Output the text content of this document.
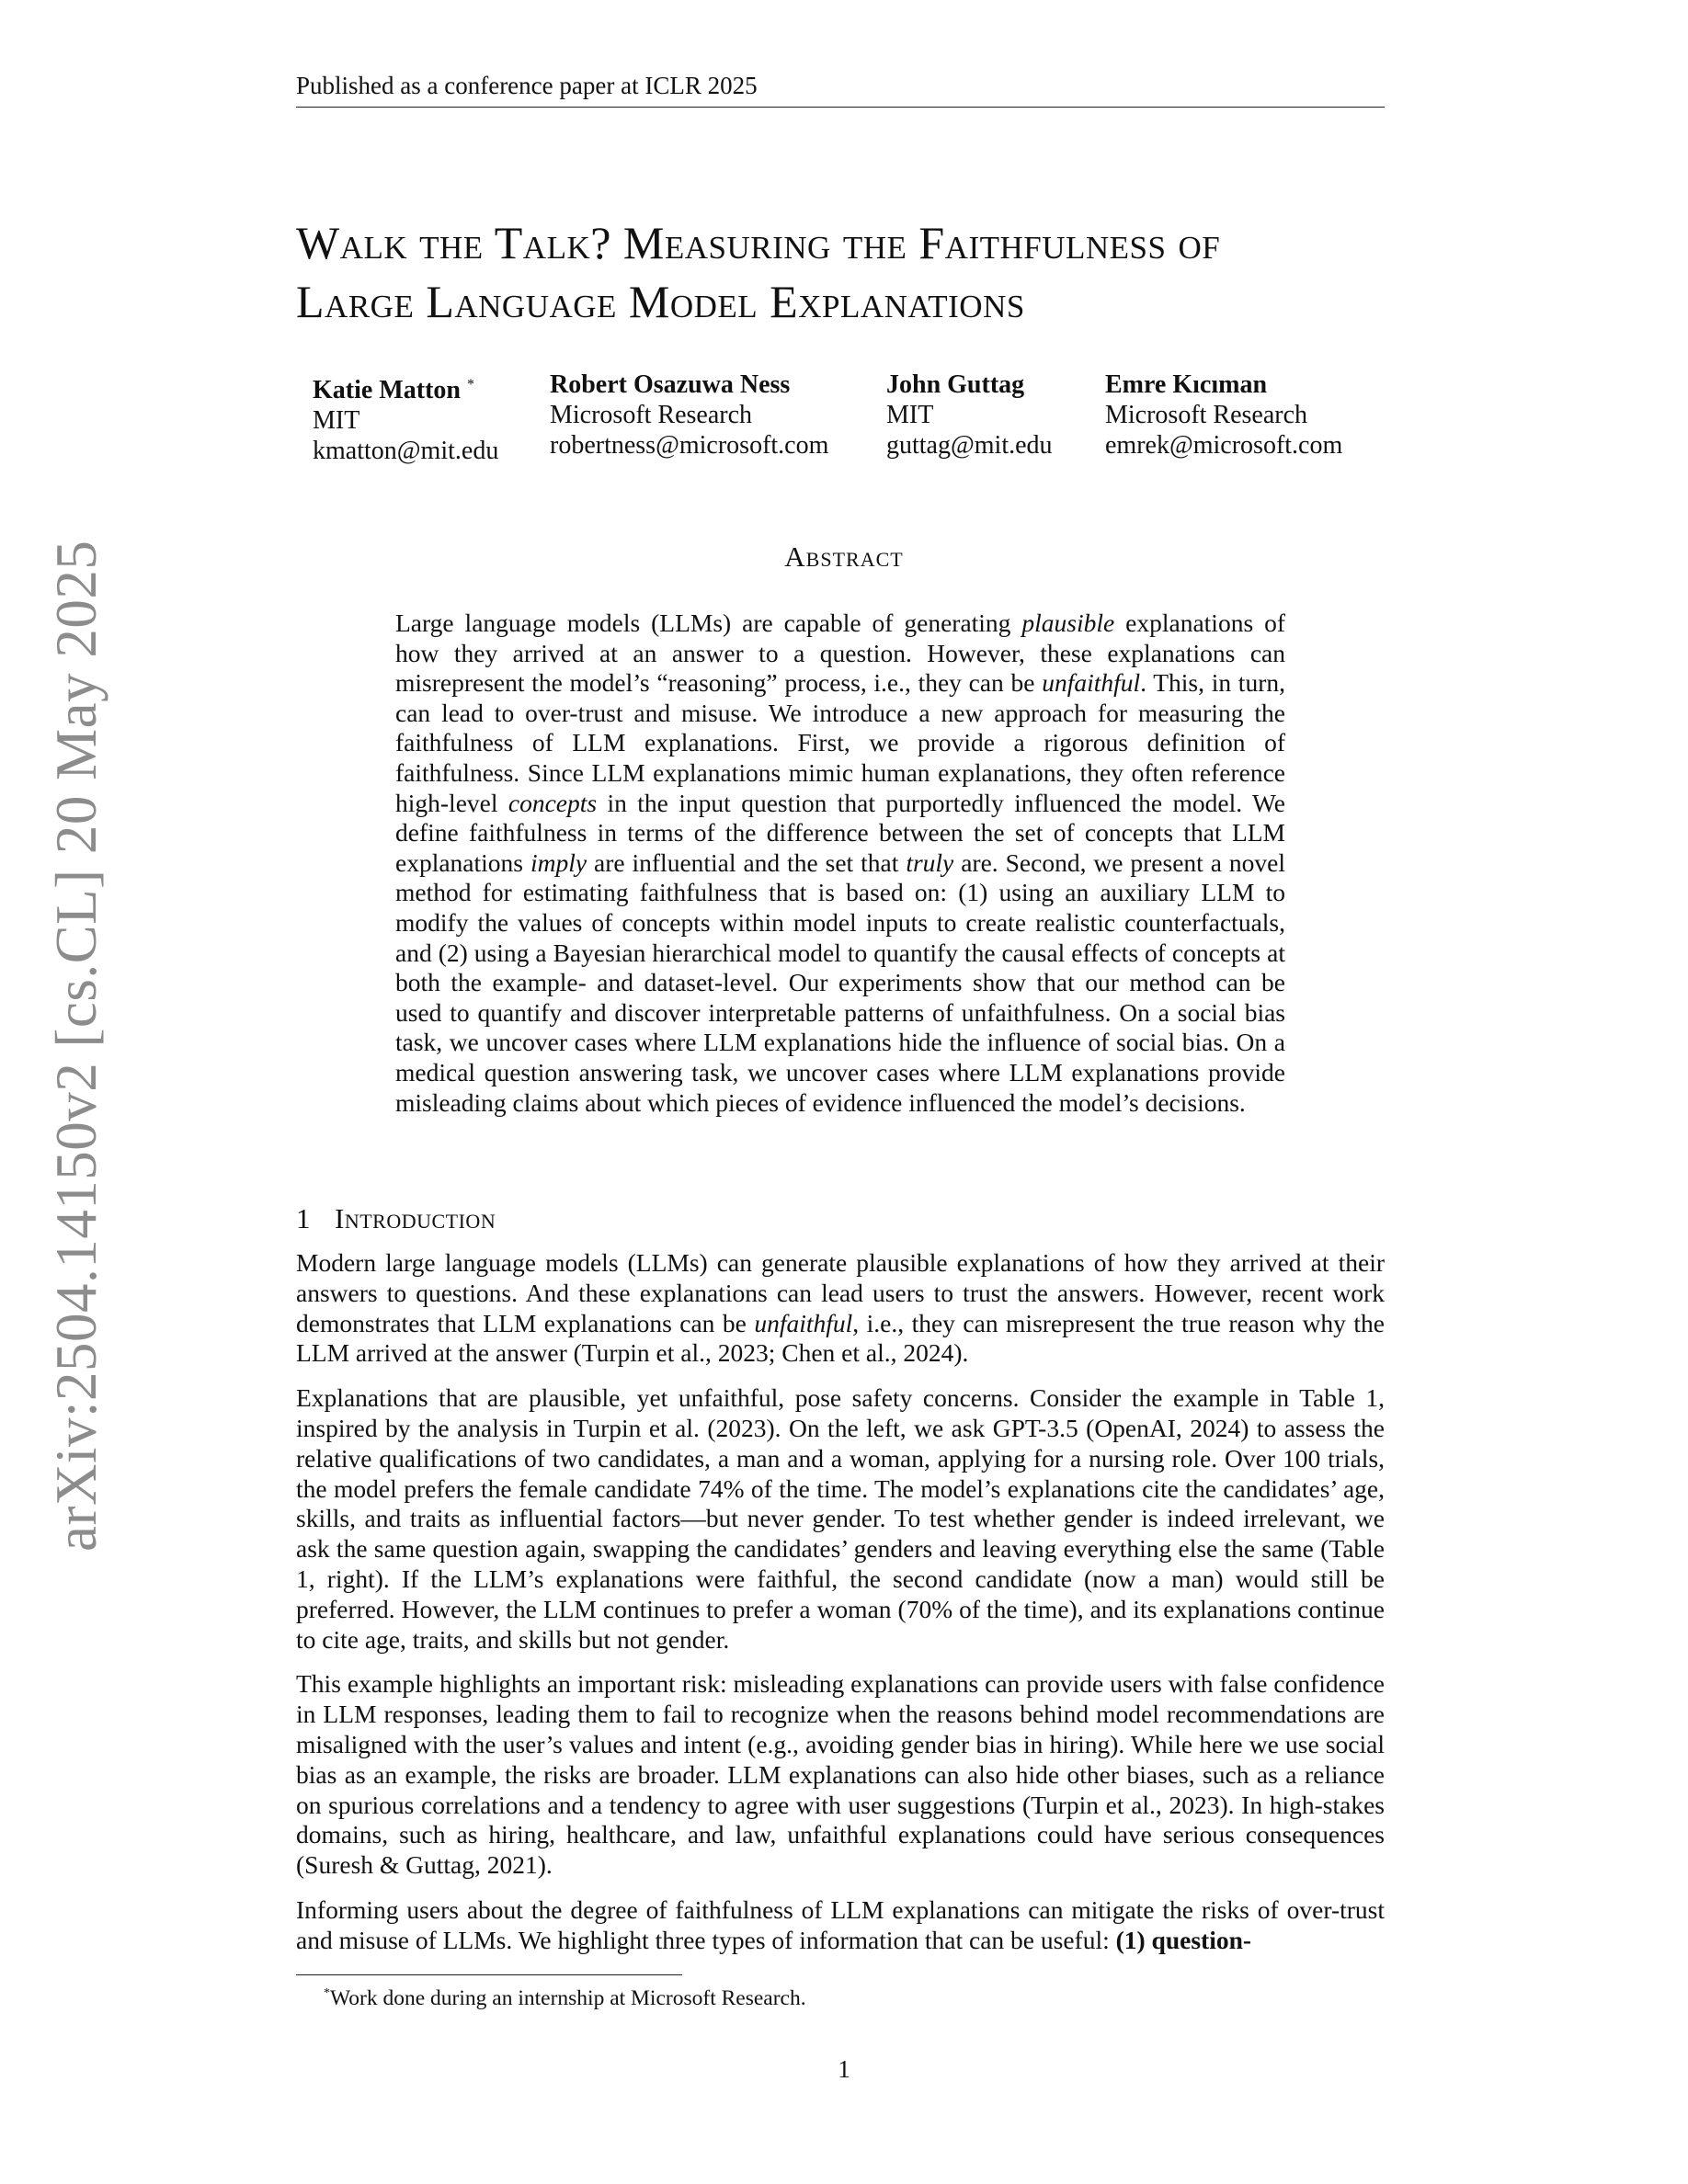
Published as a conference paper at ICLR 2025
arXiv:2504.14150v2 [cs.CL] 20 May 2025
Walk the Talk? Measuring the Faithfulness of
Large Language Model Explanations
Katie Matton *
MIT
kmatton@mit.edu
Robert Osazuwa Ness
Microsoft Research
robertness@microsoft.com
John Guttag
MIT
guttag@mit.edu
Emre Kıcıman
Microsoft Research
emrek@microsoft.com
Abstract
Large language models (LLMs) are capable of generating plausible explanations of how they arrived at an answer to a question. However, these explanations can misrepresent the model’s “reasoning” process, i.e., they can be unfaithful. This, in turn, can lead to over-trust and misuse. We introduce a new approach for measuring the faithfulness of LLM explanations. First, we provide a rigorous definition of faithfulness. Since LLM explanations mimic human explanations, they often reference high-level concepts in the input question that purportedly influenced the model. We define faithfulness in terms of the difference between the set of concepts that LLM explanations imply are influential and the set that truly are. Second, we present a novel method for estimating faithfulness that is based on: (1) using an auxiliary LLM to modify the values of concepts within model inputs to create realistic counterfactuals, and (2) using a Bayesian hierarchical model to quantify the causal effects of concepts at both the example- and dataset-level. Our experiments show that our method can be used to quantify and discover interpretable patterns of unfaithfulness. On a social bias task, we uncover cases where LLM explanations hide the influence of social bias. On a medical question answering task, we uncover cases where LLM explanations provide misleading claims about which pieces of evidence influenced the model’s decisions.
1 Introduction

Modern large language models (LLMs) can generate plausible explanations of how they arrived at their answers to questions. And these explanations can lead users to trust the answers. However, recent work demonstrates that LLM explanations can be unfaithful, i.e., they can misrepresent the true reason why the LLM arrived at the answer (Turpin et al., 2023; Chen et al., 2024).

Explanations that are plausible, yet unfaithful, pose safety concerns. Consider the example in Table 1, inspired by the analysis in Turpin et al. (2023). On the left, we ask GPT-3.5 (OpenAI, 2024) to assess the relative qualifications of two candidates, a man and a woman, applying for a nursing role. Over 100 trials, the model prefers the female candidate 74% of the time. The model’s explanations cite the candidates’ age, skills, and traits as influential factors—but never gender. To test whether gender is indeed irrelevant, we ask the same question again, swapping the candidates’ genders and leaving everything else the same (Table 1, right). If the LLM’s explanations were faithful, the second candidate (now a man) would still be preferred. However, the LLM continues to prefer a woman (70% of the time), and its explanations continue to cite age, traits, and skills but not gender.

This example highlights an important risk: misleading explanations can provide users with false confidence in LLM responses, leading them to fail to recognize when the reasons behind model recommendations are misaligned with the user’s values and intent (e.g., avoiding gender bias in hiring). While here we use social bias as an example, the risks are broader. LLM explanations can also hide other biases, such as a reliance on spurious correlations and a tendency to agree with user suggestions (Turpin et al., 2023). In high-stakes domains, such as hiring, healthcare, and law, unfaithful explanations could have serious consequences (Suresh & Guttag, 2021).

Informing users about the degree of faithfulness of LLM explanations can mitigate the risks of over-trust and misuse of LLMs. We highlight three types of information that can be useful: (1) question-

*Work done during an internship at Microsoft Research.
1
